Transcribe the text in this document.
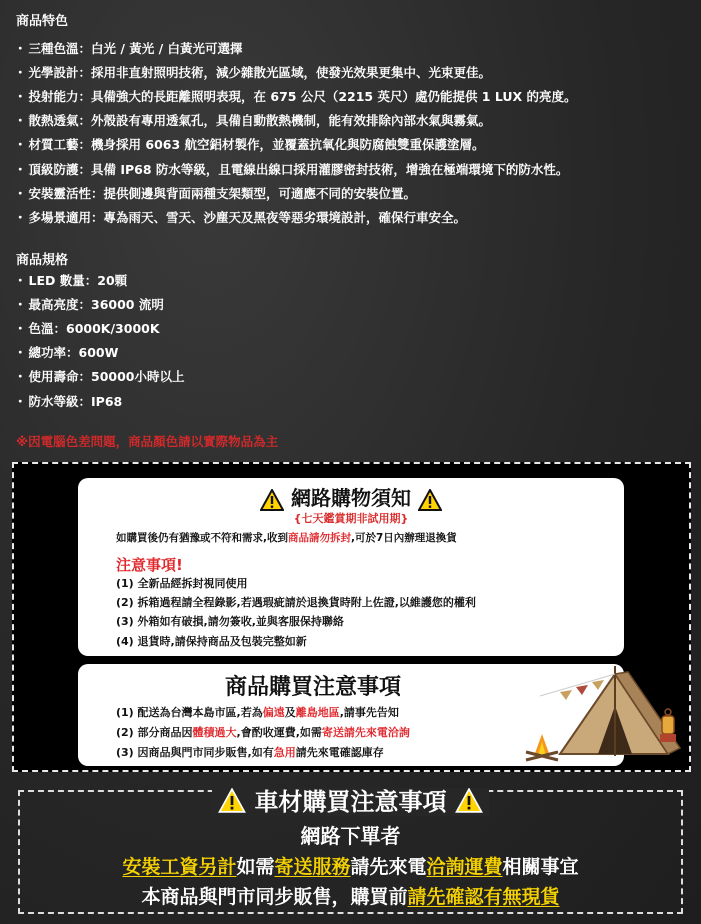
商品特色
・ 三種色溫：白光 / 黃光 / 白黃光可選擇
・ 光學設計：採用非直射照明技術，減少雜散光區域，使發光效果更集中、光束更佳。
・ 投射能力：具備強大的長距離照明表現，在 675 公尺（2215 英尺）處仍能提供 1 LUX 的亮度。
・ 散熱透氣：外殼設有專用透氣孔，具備自動散熱機制，能有效排除內部水氣與霧氣。
・ 材質工藝：機身採用 6063 航空鋁材製作，並覆蓋抗氧化與防腐蝕雙重保護塗層。
・ 頂級防護：具備 IP68 防水等級，且電線出線口採用灌膠密封技術，增強在極端環境下的防水性。
・ 安裝靈活性：提供側邊與背面兩種支架類型，可適應不同的安裝位置。
・ 多場景適用：專為雨天、雪天、沙塵天及黑夜等惡劣環境設計，確保行車安全。
商品規格
・ LED 數量：20顆
・ 最高亮度：36000 流明
・ 色溫：6000K/3000K
・ 總功率：600W
・ 使用壽命：50000小時以上
・ 防水等級：IP68
※因電腦色差問題，商品顏色請以實際物品為主
網路購物須知
{七天鑑賞期非試用期}
如購買後仍有猶豫或不符和需求,收到商品請勿拆封,可於7日內辦理退換貨
注意事項!
(1) 全新品經拆封視同使用
(2) 拆箱過程請全程錄影,若遇瑕疵請於退換貨時附上佐證,以維護您的權利
(3) 外箱如有破損,請勿簽收,並與客服保持聯絡
(4) 退貨時,請保持商品及包裝完整如新
商品購買注意事項
(1) 配送為台灣本島市區,若為偏遠及離島地區,請事先告知
(2) 部分商品因體積過大,會酌收運費,如需寄送請先來電洽詢
(3) 因商品與門市同步販售,如有急用請先來電確認庫存
車材購買注意事項
網路下單者
安裝工資另計如需寄送服務請先來電洽詢運費相關事宜
本商品與門市同步販售，購買前請先確認有無現貨
